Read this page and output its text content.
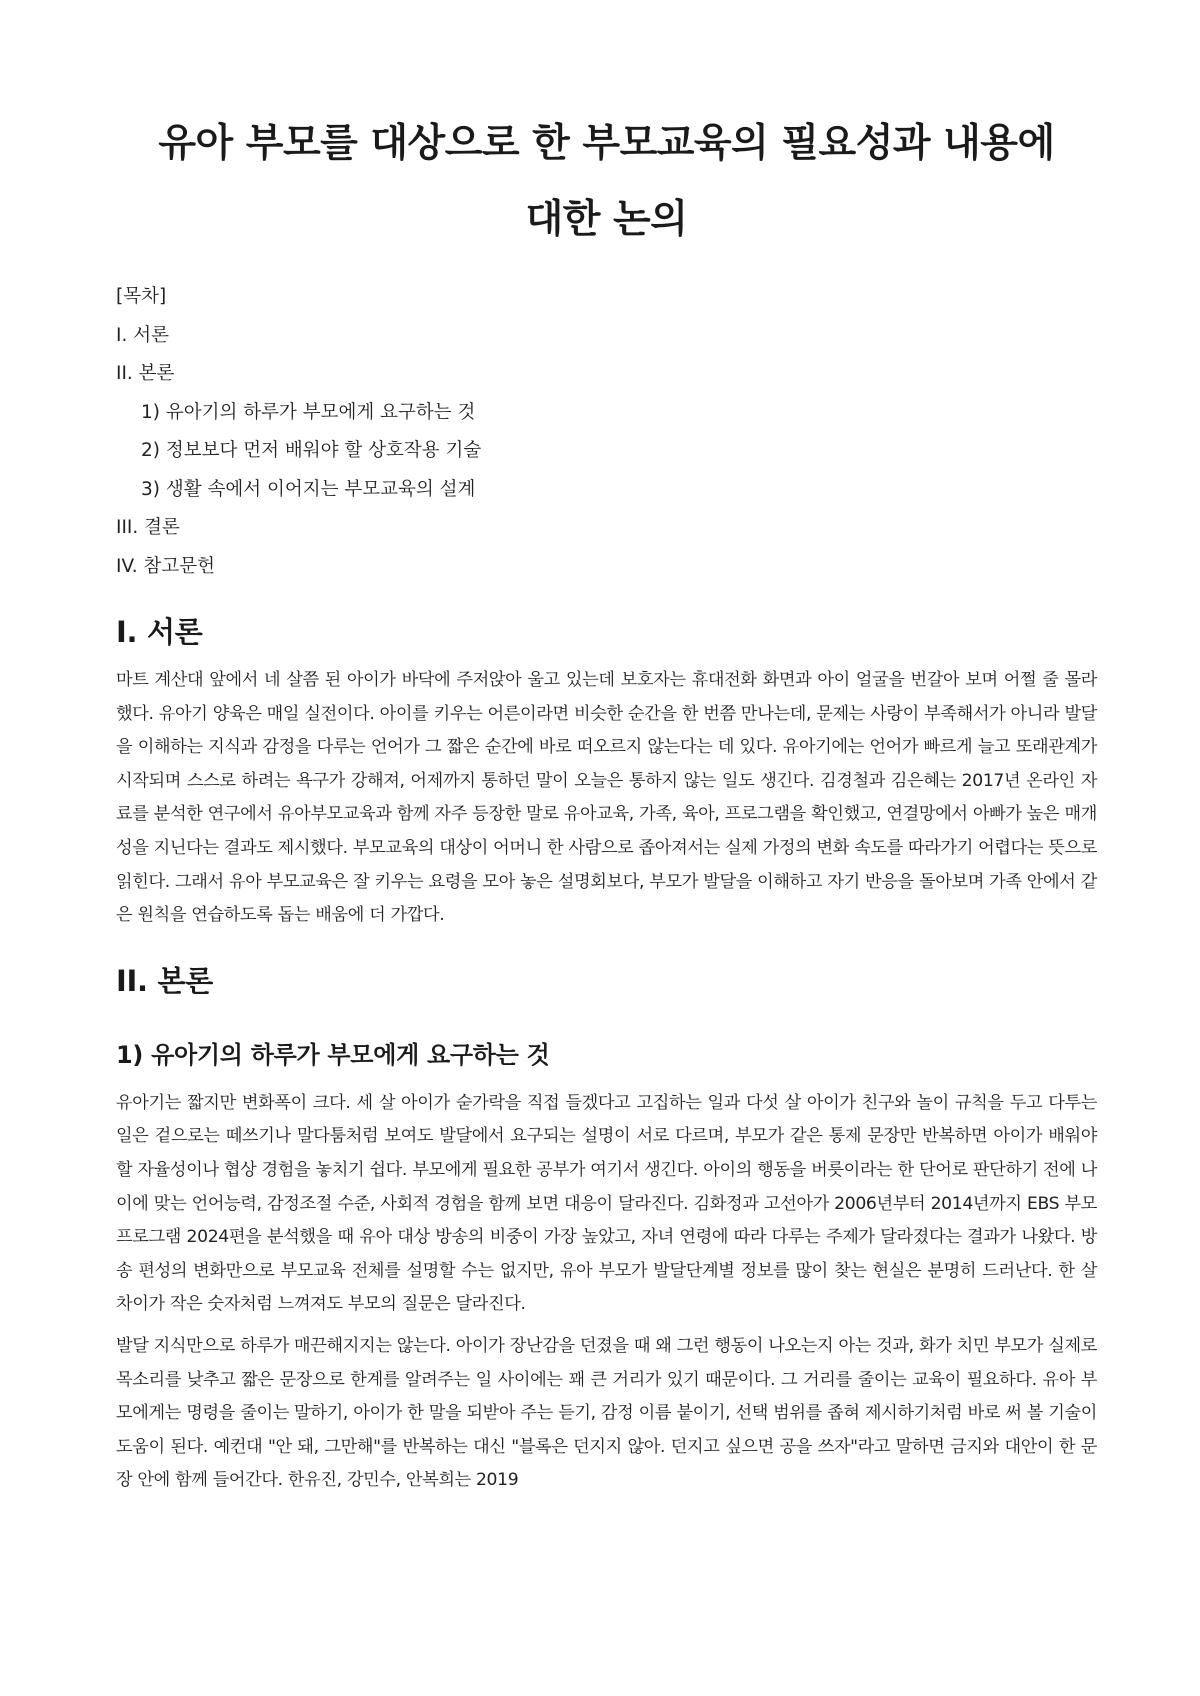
유아 부모를 대상으로 한 부모교육의 필요성과 내용에 대한 논의
[목차]
I. 서론
II. 본론
1) 유아기의 하루가 부모에게 요구하는 것
2) 정보보다 먼저 배워야 할 상호작용 기술
3) 생활 속에서 이어지는 부모교육의 설계
III. 결론
IV. 참고문헌
I. 서론

마트 계산대 앞에서 네 살쯤 된 아이가 바닥에 주저앉아 울고 있는데 보호자는 휴대전화 화면과 아이 얼굴을 번갈아 보며 어쩔 줄 몰라 했다. 유아기 양육은 매일 실전이다. 아이를 키우는 어른이라면 비슷한 순간을 한 번쯤 만나는데, 문제는 사랑이 부족해서가 아니라 발달을 이해하는 지식과 감정을 다루는 언어가 그 짧은 순간에 바로 떠오르지 않는다는 데 있다. 유아기에는 언어가 빠르게 늘고 또래관계가 시작되며 스스로 하려는 욕구가 강해져, 어제까지 통하던 말이 오늘은 통하지 않는 일도 생긴다. 김경철과 김은혜는 2017년 온라인 자료를 분석한 연구에서 유아부모교육과 함께 자주 등장한 말로 유아교육, 가족, 육아, 프로그램을 확인했고, 연결망에서 아빠가 높은 매개성을 지닌다는 결과도 제시했다. 부모교육의 대상이 어머니 한 사람으로 좁아져서는 실제 가정의 변화 속도를 따라가기 어렵다는 뜻으로 읽힌다. 그래서 유아 부모교육은 잘 키우는 요령을 모아 놓은 설명회보다, 부모가 발달을 이해하고 자기 반응을 돌아보며 가족 안에서 같은 원칙을 연습하도록 돕는 배움에 더 가깝다.

II. 본론
1) 유아기의 하루가 부모에게 요구하는 것

유아기는 짧지만 변화폭이 크다. 세 살 아이가 숟가락을 직접 들겠다고 고집하는 일과 다섯 살 아이가 친구와 놀이 규칙을 두고 다투는 일은 겉으로는 떼쓰기나 말다툼처럼 보여도 발달에서 요구되는 설명이 서로 다르며, 부모가 같은 통제 문장만 반복하면 아이가 배워야 할 자율성이나 협상 경험을 놓치기 쉽다. 부모에게 필요한 공부가 여기서 생긴다. 아이의 행동을 버릇이라는 한 단어로 판단하기 전에 나이에 맞는 언어능력, 감정조절 수준, 사회적 경험을 함께 보면 대응이 달라진다. 김화정과 고선아가 2006년부터 2014년까지 EBS 부모 프로그램 2024편을 분석했을 때 유아 대상 방송의 비중이 가장 높았고, 자녀 연령에 따라 다루는 주제가 달라졌다는 결과가 나왔다. 방송 편성의 변화만으로 부모교육 전체를 설명할 수는 없지만, 유아 부모가 발달단계별 정보를 많이 찾는 현실은 분명히 드러난다. 한 살 차이가 작은 숫자처럼 느껴져도 부모의 질문은 달라진다.

발달 지식만으로 하루가 매끈해지지는 않는다. 아이가 장난감을 던졌을 때 왜 그런 행동이 나오는지 아는 것과, 화가 치민 부모가 실제로 목소리를 낮추고 짧은 문장으로 한계를 알려주는 일 사이에는 꽤 큰 거리가 있기 때문이다. 그 거리를 줄이는 교육이 필요하다. 유아 부모에게는 명령을 줄이는 말하기, 아이가 한 말을 되받아 주는 듣기, 감정 이름 붙이기, 선택 범위를 좁혀 제시하기처럼 바로 써 볼 기술이 도움이 된다. 예컨대 "안 돼, 그만해"를 반복하는 대신 "블록은 던지지 않아. 던지고 싶으면 공을 쓰자"라고 말하면 금지와 대안이 한 문장 안에 함께 들어간다. 한유진, 강민수, 안복희는 2019
